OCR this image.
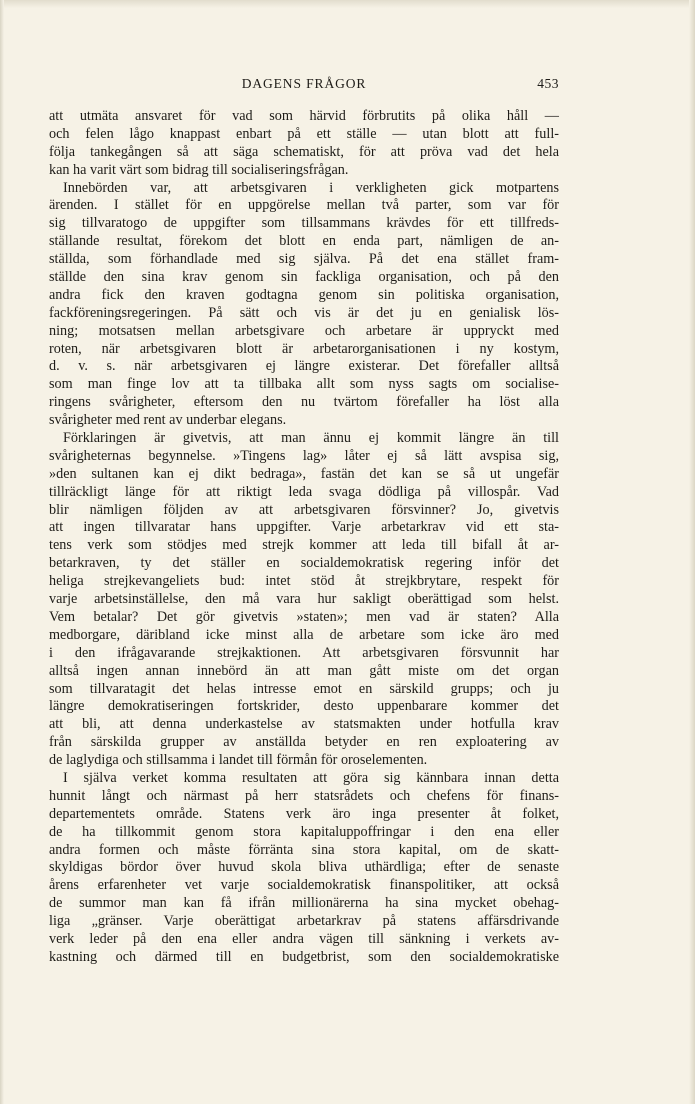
DAGENS FRÅGOR	453
att utmäta ansvaret för vad som härvid förbrutits på olika håll —
och felen lågo knappast enbart på ett ställe — utan blott att full-
följa tankegången så att säga schematiskt, för att pröva vad det hela
kan ha varit värt som bidrag till socialiseringsfrågan.
Innebörden var, att arbetsgivaren i verkligheten gick motpartens
ärenden. I stället för en uppgörelse mellan två parter, som var för
sig tillvaratogo de uppgifter som tillsammans krävdes för ett tillfreds-
ställande resultat, förekom det blott en enda part, nämligen de an-
ställda, som förhandlade med sig själva. På det ena stället fram-
ställde den sina krav genom sin fackliga organisation, och på den
andra fick den kraven godtagna genom sin politiska organisation,
fackföreningsregeringen. På sätt och vis är det ju en genialisk lös-
ning; motsatsen mellan arbetsgivare och arbetare är uppryckt med
roten, när arbetsgivaren blott är arbetarorganisationen i ny kostym,
d. v. s. när arbetsgivaren ej längre existerar. Det förefaller alltså
som man finge lov att ta tillbaka allt som nyss sagts om socialise-
ringens svårigheter, eftersom den nu tvärtom förefaller ha löst alla
svårigheter med rent av underbar elegans.
Förklaringen är givetvis, att man ännu ej kommit längre än till
svårigheternas begynnelse. »Tingens lag» låter ej så lätt avspisa sig,
»den sultanen kan ej dikt bedraga», fastän det kan se så ut ungefär
tillräckligt länge för att riktigt leda svaga dödliga på villospår. Vad
blir nämligen följden av att arbetsgivaren försvinner? Jo, givetvis
att ingen tillvaratar hans uppgifter. Varje arbetarkrav vid ett sta-
tens verk som stödjes med strejk kommer att leda till bifall åt ar-
betarkraven, ty det ställer en socialdemokratisk regering inför det
heliga strejkevangeliets bud: intet stöd åt strejkbrytare, respekt för
varje arbetsinställelse, den må vara hur sakligt oberättigad som helst.
Vem betalar? Det gör givetvis »staten»; men vad är staten? Alla
medborgare, däribland icke minst alla de arbetare som icke äro med
i den ifrågavarande strejkaktionen. Att arbetsgivaren försvunnit har
alltså ingen annan innebörd än att man gått miste om det organ
som tillvaratagit det helas intresse emot en särskild grupps; och ju
längre demokratiseringen fortskrider, desto uppenbarare kommer det
att bli, att denna underkastelse av statsmakten under hotfulla krav
från särskilda grupper av anställda betyder en ren exploatering av
de laglydiga och stillsamma i landet till förmån för oroselementen.
I själva verket komma resultaten att göra sig kännbara innan detta
hunnit långt och närmast på herr statsrådets och chefens för finans-
departementets område. Statens verk äro inga presenter åt folket,
de ha tillkommit genom stora kapitaluppoffringar i den ena eller
andra formen och måste förränta sina stora kapital, om de skatt-
skyldigas bördor över huvud skola bliva uthärdliga; efter de senaste
årens erfarenheter vet varje socialdemokratisk finanspolitiker, att också
de summor man kan få ifrån millionärerna ha sina mycket obehag-
liga „gränser. Varje oberättigat arbetarkrav på statens affärsdrivande
verk leder på den ena eller andra vägen till sänkning i verkets av-
kastning och därmed till en budgetbrist, som den socialdemokratiske
